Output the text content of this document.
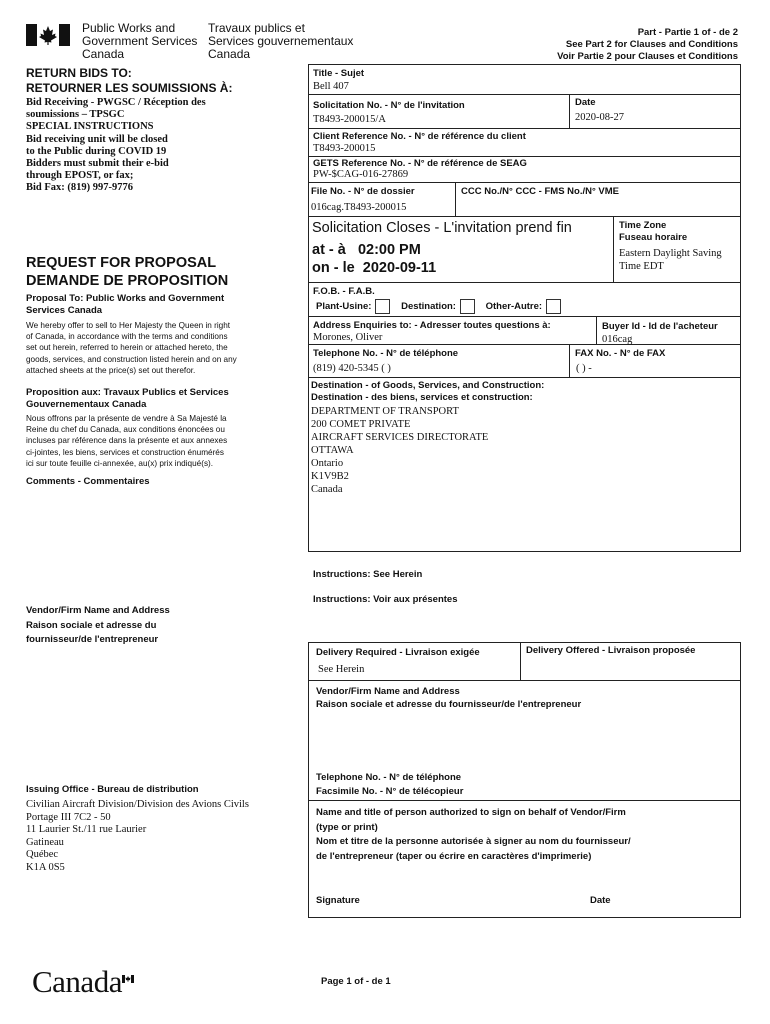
Public Works and
Government Services
Canada
Travaux publics et
Services gouvernementaux
Canada
Part - Partie 1 of - de 2
See Part 2 for Clauses and Conditions
Voir Partie 2 pour Clauses et Conditions
RETURN BIDS TO:
RETOURNER LES SOUMISSIONS À:
Bid Receiving - PWGSC / Réception des
soumissions – TPSGC
SPECIAL INSTRUCTIONS
Bid receiving unit will be closed
to the Public during COVID 19
Bidders must submit their e-bid
through EPOST, or fax;
Bid Fax: (819) 997-9776
REQUEST FOR PROPOSAL
DEMANDE DE PROPOSITION
Proposal To: Public Works and Government Services Canada
We hereby offer to sell to Her Majesty the Queen in right
of Canada, in accordance with the terms and conditions
set out herein, referred to herein or attached hereto, the
goods, services, and construction listed herein and on any
attached sheets at the price(s) set out therefor.
Proposition aux: Travaux Publics et Services Gouvernementaux Canada
Nous offrons par la présente de vendre à Sa Majesté la
Reine du chef du Canada, aux conditions énoncées ou
incluses par référence dans la présente et aux annexes
ci-jointes, les biens, services et construction énumérés
ici sur toute feuille ci-annexée, au(x) prix indiqué(s).
Comments - Commentaires
Vendor/Firm Name and Address
Raison sociale et adresse du
fournisseur/de l'entrepreneur
Issuing Office - Bureau de distribution
Civilian Aircraft Division/Division des Avions Civils
Portage III 7C2 - 50
11 Laurier St./11 rue Laurier
Gatineau
Québec
K1A 0S5
Title - Sujet
Bell 407
Solicitation No. - N° de l'invitation
T8493-200015/A
Date
2020-08-27
Client Reference No. - N° de référence du client
T8493-200015
GETS Reference No. - N° de référence de SEAG
PW-$CAG-016-27869
File No. - N° de dossier
016cag.T8493-200015
CCC No./N° CCC - FMS No./N° VME
Solicitation Closes - L'invitation prend fin
at - à 02:00 PM
on - le 2020-09-11
Time Zone
Fuseau horaire
Eastern Daylight Saving
Time EDT
F.O.B. - F.A.B.
Plant-Usine:	Destination:	Other-Autre:
Address Enquiries to: - Adresser toutes questions à:
Morones, Oliver
Buyer Id - Id de l'acheteur
016cag
Telephone No. - N° de téléphone
(819) 420-5345 ( )
FAX No. - N° de FAX
( ) -
Destination - of Goods, Services, and Construction:
Destination - des biens, services et construction:
DEPARTMENT OF TRANSPORT
200 COMET PRIVATE
AIRCRAFT SERVICES DIRECTORATE
OTTAWA
Ontario
K1V9B2
Canada
Instructions: See Herein
Instructions: Voir aux présentes
Delivery Required - Livraison exigée
See Herein
Delivery Offered - Livraison proposée
Vendor/Firm Name and Address
Raison sociale et adresse du fournisseur/de l'entrepreneur
Telephone No. - N° de téléphone
Facsimile No. - N° de télécopieur
Name and title of person authorized to sign on behalf of Vendor/Firm
(type or print)
Nom et titre de la personne autorisée à signer au nom du fournisseur/
de l'entrepreneur (taper ou écrire en caractères d'imprimerie)
Signature	Date
Canada	Page 1 of - de 1
